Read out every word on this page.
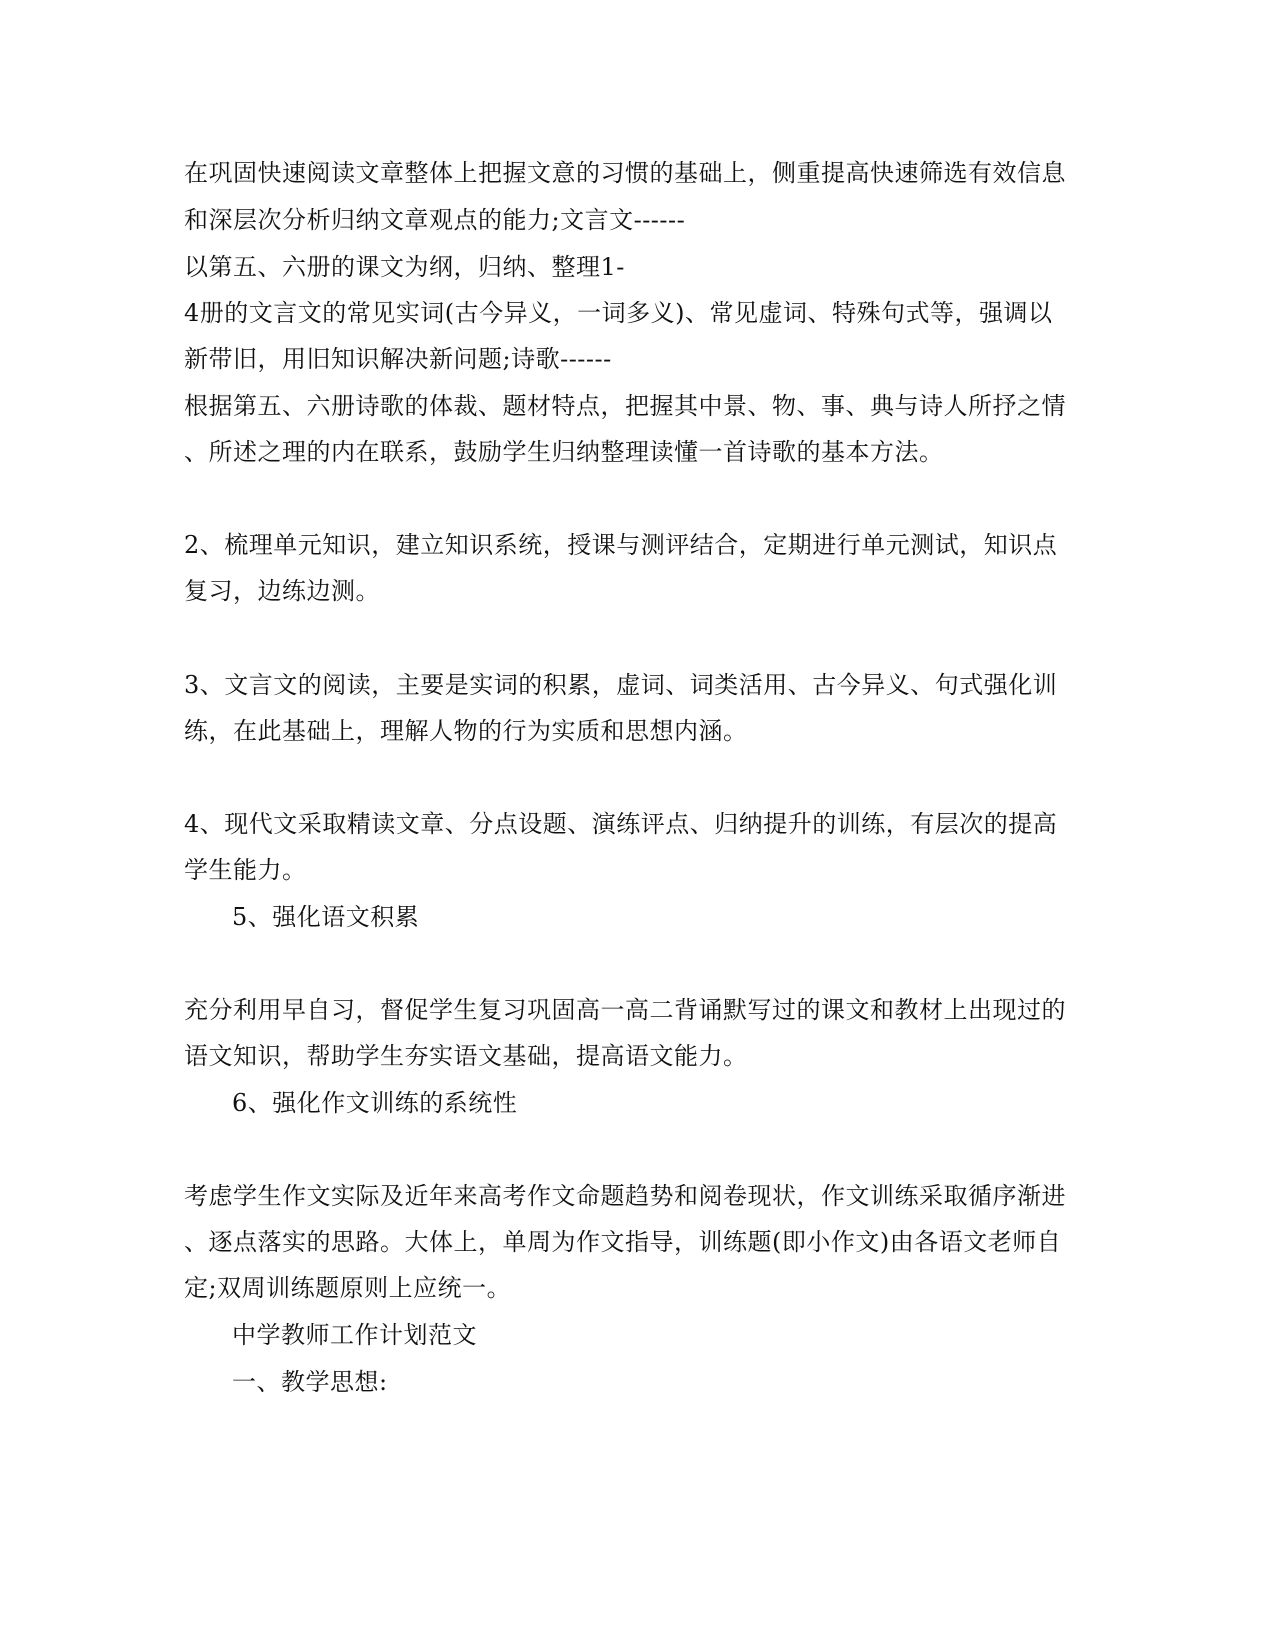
在巩固快速阅读文章整体上把握文意的习惯的基础上，侧重提高快速筛选有效信息
和深层次分析归纳文章观点的能力;文言文------
以第五、六册的课文为纲，归纳、整理1-
4册的文言文的常见实词(古今异义，一词多义)、常见虚词、特殊句式等，强调以
新带旧，用旧知识解决新问题;诗歌------
根据第五、六册诗歌的体裁、题材特点，把握其中景、物、事、典与诗人所抒之情
、所述之理的内在联系，鼓励学生归纳整理读懂一首诗歌的基本方法。
2、梳理单元知识，建立知识系统，授课与测评结合，定期进行单元测试，知识点
复习，边练边测。
3、文言文的阅读，主要是实词的积累，虚词、词类活用、古今异义、句式强化训
练，在此基础上，理解人物的行为实质和思想内涵。
4、现代文采取精读文章、分点设题、演练评点、归纳提升的训练，有层次的提高
学生能力。
5、强化语文积累
充分利用早自习，督促学生复习巩固高一高二背诵默写过的课文和教材上出现过的
语文知识，帮助学生夯实语文基础，提高语文能力。
6、强化作文训练的系统性
考虑学生作文实际及近年来高考作文命题趋势和阅卷现状，作文训练采取循序渐进
、逐点落实的思路。大体上，单周为作文指导，训练题(即小作文)由各语文老师自
定;双周训练题原则上应统一。
中学教师工作计划范文
一、教学思想:
